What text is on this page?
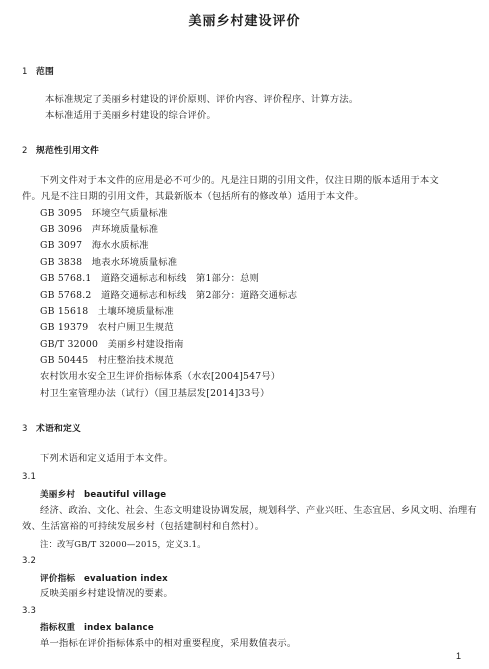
美丽乡村建设评价
1 范围
本标准规定了美丽乡村建设的评价原则、评价内容、评价程序、计算方法。
本标准适用于美丽乡村建设的综合评价。
2 规范性引用文件
下列文件对于本文件的应用是必不可少的。凡是注日期的引用文件，仅注日期的版本适用于本文
件。凡是不注日期的引用文件，其最新版本（包括所有的修改单）适用于本文件。
GB 3095　 环境空气质量标准
GB 3096　 声环境质量标准
GB 3097　 海水水质标准
GB 3838　 地表水环境质量标准
GB 5768.1　 道路交通标志和标线　第1部分：总则
GB 5768.2　 道路交通标志和标线　第2部分：道路交通标志
GB 15618　 土壤环境质量标准
GB 19379　 农村户厕卫生规范
GB/T 32000　 美丽乡村建设指南
GB 50445　 村庄整治技术规范
农村饮用水安全卫生评价指标体系（水农[2004]547号）
村卫生室管理办法（试行）（国卫基层发[2014]33号）
3 术语和定义
下列术语和定义适用于本文件。
3.1
美丽乡村　beautiful village
经济、政治、文化、社会、生态文明建设协调发展，规划科学、产业兴旺、生态宜居、乡风文明、治理有
效、生活富裕的可持续发展乡村（包括建制村和自然村）。
注：改写GB/T 32000—2015，定义3.1。
3.2
评价指标　evaluation index
反映美丽乡村建设情况的要素。
3.3
指标权重　index balance
单一指标在评价指标体系中的相对重要程度，采用数值表示。
1
